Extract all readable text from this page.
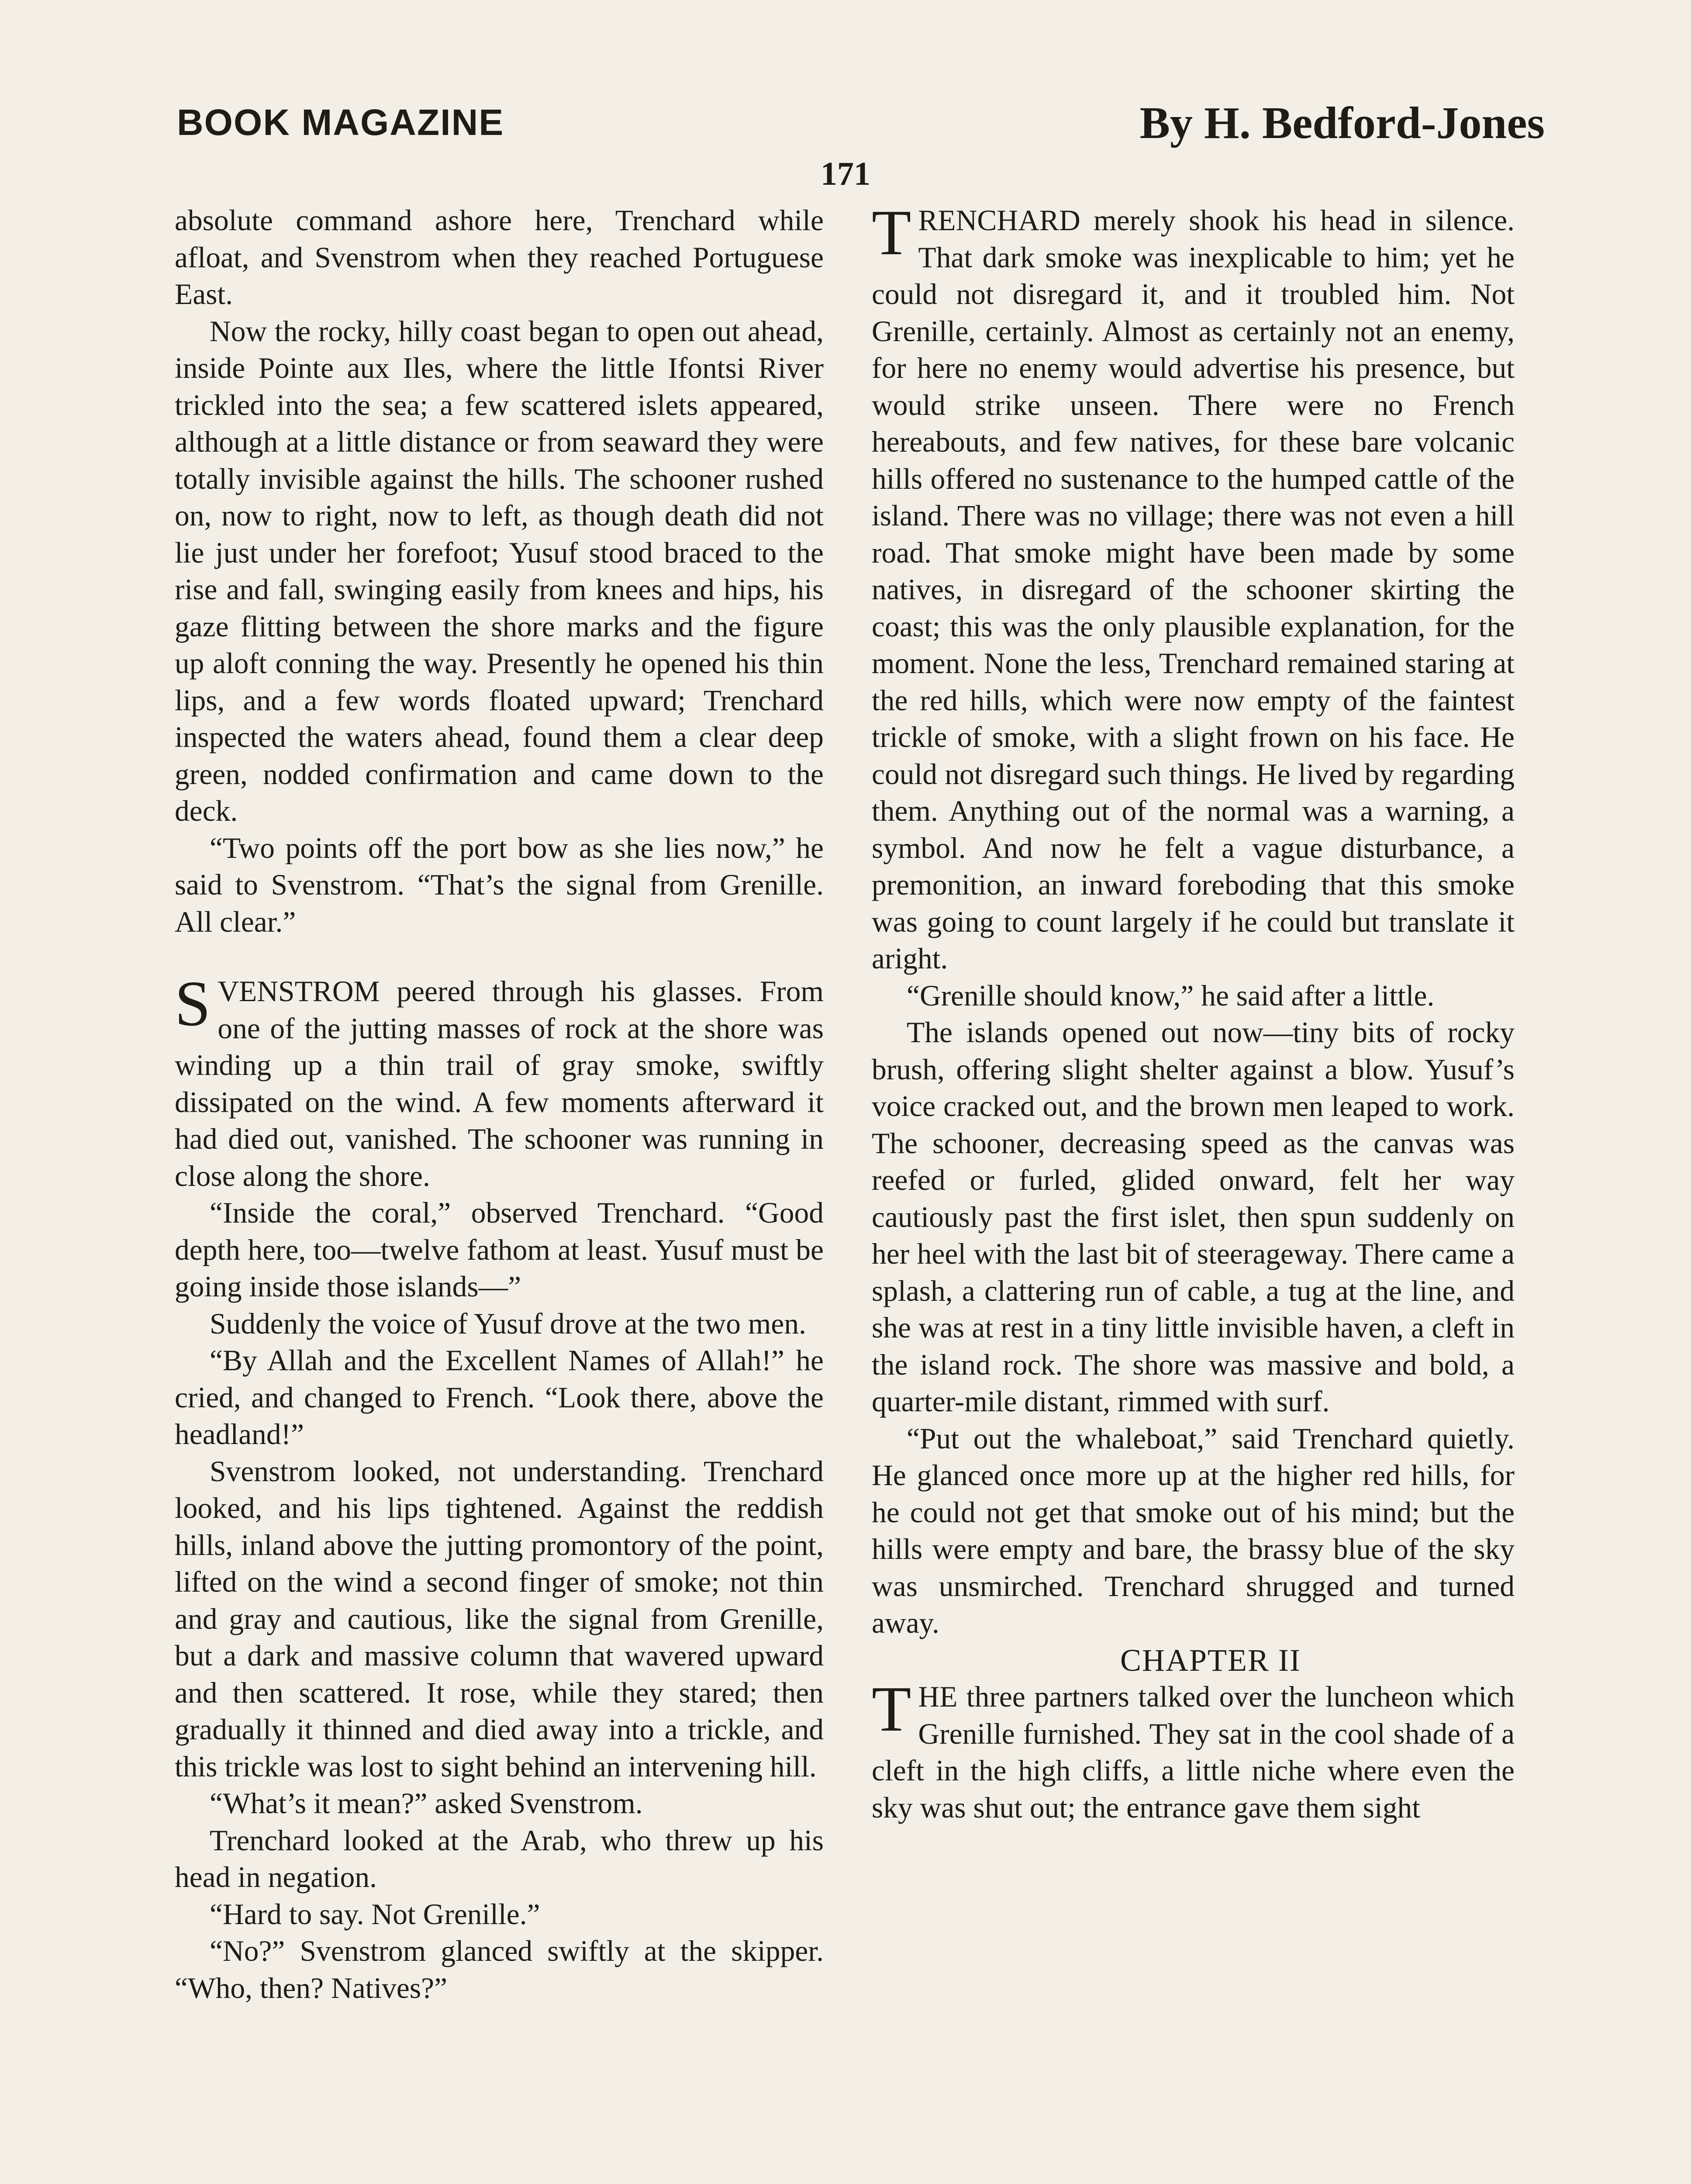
BOOK MAGAZINE	By H. Bedford-Jones
171

absolute command ashore here, Trenchard while afloat, and Svenstrom when they reached Portuguese East.

Now the rocky, hilly coast began to open out ahead, inside Pointe aux Iles, where the little Ifontsi River trickled into the sea; a few scattered islets appeared, although at a little distance or from seaward they were totally invisible against the hills. The schooner rushed on, now to right, now to left, as though death did not lie just under her forefoot; Yusuf stood braced to the rise and fall, swinging easily from knees and hips, his gaze flitting between the shore marks and the figure up aloft conning the way. Presently he opened his thin lips, and a few words floated upward; Trenchard inspected the waters ahead, found them a clear deep green, nodded confirmation and came down to the deck.

“Two points off the port bow as she lies now,” he said to Svenstrom. “That’s the signal from Grenille. All clear.”

SVENSTROM peered through his glasses. From one of the jutting masses of rock at the shore was winding up a thin trail of gray smoke, swiftly dissipated on the wind. A few moments afterward it had died out, vanished. The schooner was running in close along the shore.

“Inside the coral,” observed Trenchard. “Good depth here, too—twelve fathom at least. Yusuf must be going inside those islands—”

Suddenly the voice of Yusuf drove at the two men.

“By Allah and the Excellent Names of Allah!” he cried, and changed to French. “Look there, above the headland!”

Svenstrom looked, not understanding. Trenchard looked, and his lips tightened. Against the reddish hills, inland above the jutting promontory of the point, lifted on the wind a second finger of smoke; not thin and gray and cautious, like the signal from Grenille, but a dark and massive column that wavered upward and then scattered. It rose, while they stared; then gradually it thinned and died away into a trickle, and this trickle was lost to sight behind an intervening hill.

“What’s it mean?” asked Svenstrom.

Trenchard looked at the Arab, who threw up his head in negation.

“Hard to say. Not Grenille.”

“No?” Svenstrom glanced swiftly at the skipper. “Who, then? Natives?”

TRENCHARD merely shook his head in silence. That dark smoke was inexplicable to him; yet he could not disregard it, and it troubled him. Not Grenille, certainly. Almost as certainly not an enemy, for here no enemy would advertise his presence, but would strike unseen. There were no French hereabouts, and few natives, for these bare volcanic hills offered no sustenance to the humped cattle of the island. There was no village; there was not even a hill road. That smoke might have been made by some natives, in disregard of the schooner skirting the coast; this was the only plausible explanation, for the moment. None the less, Trenchard remained staring at the red hills, which were now empty of the faintest trickle of smoke, with a slight frown on his face. He could not disregard such things. He lived by regarding them. Anything out of the normal was a warning, a symbol. And now he felt a vague disturbance, a premonition, an inward foreboding that this smoke was going to count largely if he could but translate it aright.

“Grenille should know,” he said after a little.

The islands opened out now—tiny bits of rocky brush, offering slight shelter against a blow. Yusuf’s voice cracked out, and the brown men leaped to work. The schooner, decreasing speed as the canvas was reefed or furled, glided onward, felt her way cautiously past the first islet, then spun suddenly on her heel with the last bit of steerageway. There came a splash, a clattering run of cable, a tug at the line, and she was at rest in a tiny little invisible haven, a cleft in the island rock. The shore was massive and bold, a quarter-mile distant, rimmed with surf.

“Put out the whaleboat,” said Trenchard quietly. He glanced once more up at the higher red hills, for he could not get that smoke out of his mind; but the hills were empty and bare, the brassy blue of the sky was unsmirched. Trenchard shrugged and turned away.

CHAPTER II

THE three partners talked over the luncheon which Grenille furnished. They sat in the cool shade of a cleft in the high cliffs, a little niche where even the sky was shut out; the entrance gave them sight
